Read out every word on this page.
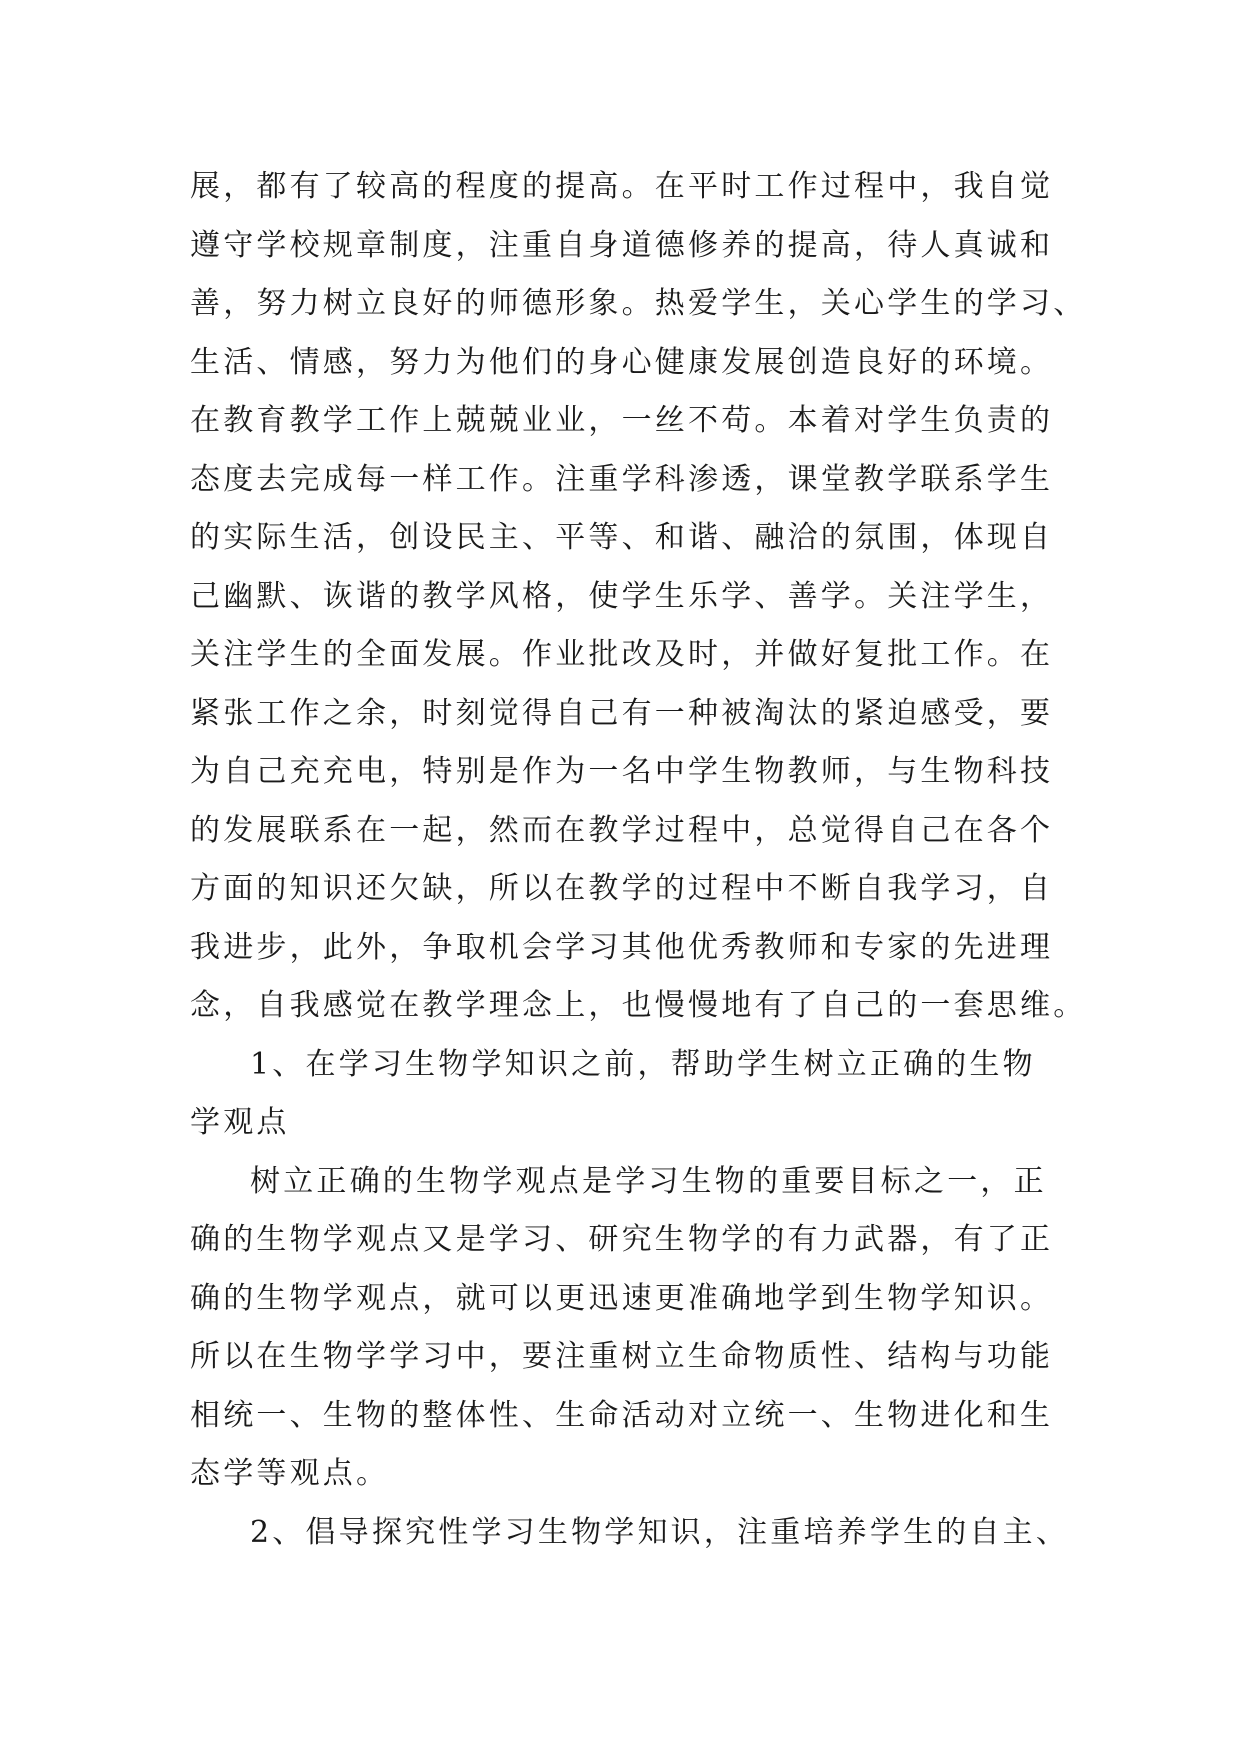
展，都有了较高的程度的提高。在平时工作过程中，我自觉
遵守学校规章制度，注重自身道德修养的提高，待人真诚和
善，努力树立良好的师德形象。热爱学生，关心学生的学习、
生活、情感，努力为他们的身心健康发展创造良好的环境。
在教育教学工作上兢兢业业，一丝不苟。本着对学生负责的
态度去完成每一样工作。注重学科渗透，课堂教学联系学生
的实际生活，创设民主、平等、和谐、融洽的氛围，体现自
己幽默、诙谐的教学风格，使学生乐学、善学。关注学生，
关注学生的全面发展。作业批改及时，并做好复批工作。在
紧张工作之余，时刻觉得自己有一种被淘汰的紧迫感受，要
为自己充充电，特别是作为一名中学生物教师，与生物科技
的发展联系在一起，然而在教学过程中，总觉得自己在各个
方面的知识还欠缺，所以在教学的过程中不断自我学习，自
我进步，此外，争取机会学习其他优秀教师和专家的先进理
念，自我感觉在教学理念上，也慢慢地有了自己的一套思维。
1、在学习生物学知识之前，帮助学生树立正确的生物
学观点
树立正确的生物学观点是学习生物的重要目标之一，正
确的生物学观点又是学习、研究生物学的有力武器，有了正
确的生物学观点，就可以更迅速更准确地学到生物学知识。
所以在生物学学习中，要注重树立生命物质性、结构与功能
相统一、生物的整体性、生命活动对立统一、生物进化和生
态学等观点。
2、倡导探究性学习生物学知识，注重培养学生的自主、
